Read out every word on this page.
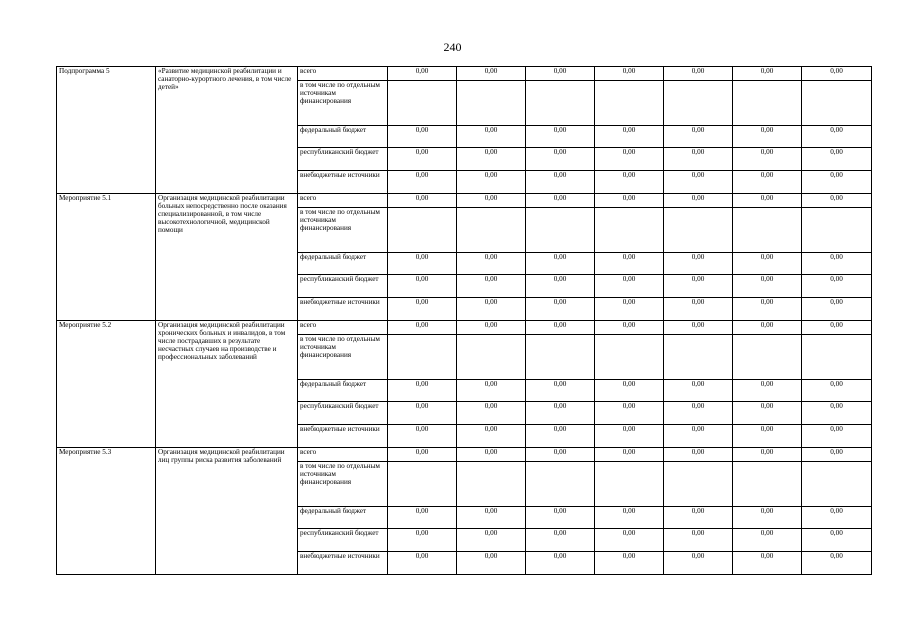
240
Подпрограмма 5	«Развитие медицинской реабилитации и санаторно-курортного лечения, в том числе детей»	всего	0,00	0,00	0,00	0,00	0,00	0,00	0,00
		в том числе по отдельным источникам финансирования							
		федеральный бюджет	0,00	0,00	0,00	0,00	0,00	0,00	0,00
		республиканский бюджет	0,00	0,00	0,00	0,00	0,00	0,00	0,00
		внебюджетные источники	0,00	0,00	0,00	0,00	0,00	0,00	0,00
Мероприятие 5.1	Организация медицинской реабилитации больных непосредственно после оказания специализированной, в том числе высокотехнологичной, медицинской помощи	всего	0,00	0,00	0,00	0,00	0,00	0,00	0,00
		в том числе по отдельным источникам финансирования							
		федеральный бюджет	0,00	0,00	0,00	0,00	0,00	0,00	0,00
		республиканский бюджет	0,00	0,00	0,00	0,00	0,00	0,00	0,00
		внебюджетные источники	0,00	0,00	0,00	0,00	0,00	0,00	0,00
Мероприятие 5.2	Организация медицинской реабилитации хронических больных и инвалидов, в том числе пострадавших в результате несчастных случаев на производстве и профессиональных заболеваний	всего	0,00	0,00	0,00	0,00	0,00	0,00	0,00
		в том числе по отдельным источникам финансирования							
		федеральный бюджет	0,00	0,00	0,00	0,00	0,00	0,00	0,00
		республиканский бюджет	0,00	0,00	0,00	0,00	0,00	0,00	0,00
		внебюджетные источники	0,00	0,00	0,00	0,00	0,00	0,00	0,00
Мероприятие 5.3	Организация медицинской реабилитации лиц группы риска развития заболеваний	всего	0,00	0,00	0,00	0,00	0,00	0,00	0,00
		в том числе по отдельным источникам финансирования							
		федеральный бюджет	0,00	0,00	0,00	0,00	0,00	0,00	0,00
		республиканский бюджет	0,00	0,00	0,00	0,00	0,00	0,00	0,00
		внебюджетные источники	0,00	0,00	0,00	0,00	0,00	0,00	0,00
